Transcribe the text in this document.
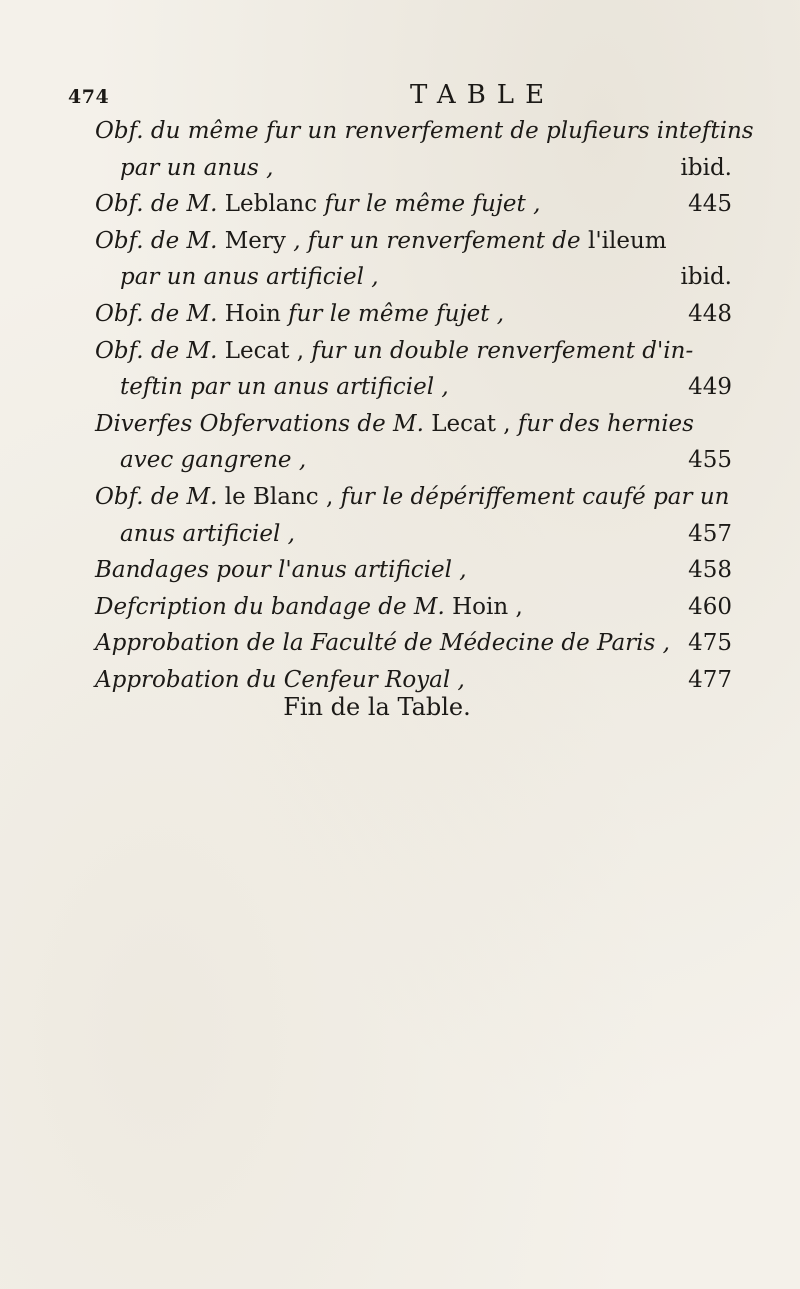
474	TABLE
Obf. du même fur un renverfement de plufieurs inteftins
par un anus ,	ibid.
Obf. de M. Leblanc fur le même fujet ,	445
Obf. de M. Mery , fur un renverfement de l'ileum
par un anus artificiel ,	ibid.
Obf. de M. Hoin fur le même fujet ,	448
Obf. de M. Lecat , fur un double renverfement d'in-
teftin par un anus artificiel ,	449
Diverfes Obfervations de M. Lecat , fur des hernies
avec gangrene ,	455
Obf. de M. le Blanc , fur le dépériffement caufé par un
anus artificiel ,	457
Bandages pour l'anus artificiel ,	458
Defcription du bandage de M. Hoin ,	460
Approbation de la Faculté de Médecine de Paris , 475
Approbation du Cenfeur Royal ,	477
Fin de la Table.
